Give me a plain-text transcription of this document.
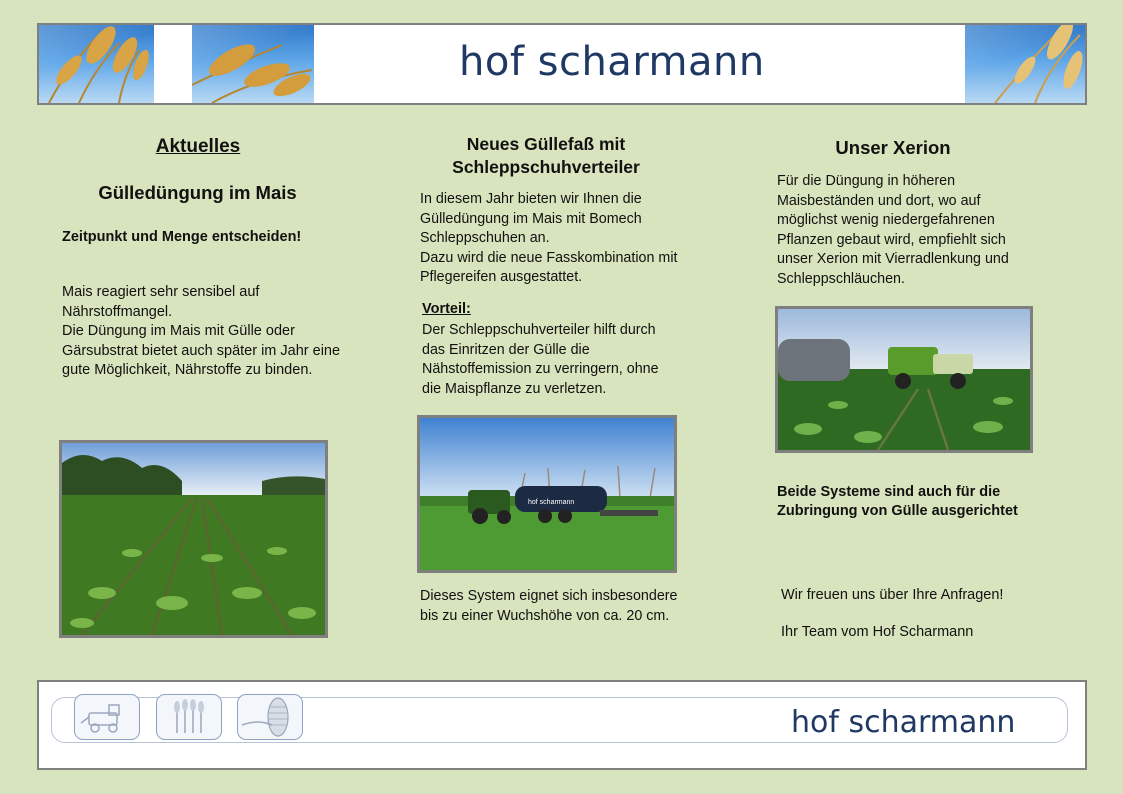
hof scharmann
Aktuelles
Gülledüngung im Mais
Zeitpunkt und Menge entscheiden!
Mais reagiert sehr sensibel auf Nährstoffmangel.
Die Düngung im Mais mit Gülle oder Gärsubstrat bietet auch später im Jahr eine gute Möglichkeit, Nährstoffe zu binden.
Neues Güllefaß mit Schleppschuhverteiler
In diesem Jahr bieten wir Ihnen die Gülledüngung im Mais mit Bomech Schleppschuhen an.
Dazu wird die neue Fasskombination mit Pflegereifen ausgestattet.
Vorteil:
Der Schleppschuhverteiler hilft durch das Einritzen der Gülle die Nähstoffemission zu verringern, ohne die Maispflanze zu verletzen.
hof scharmann
Dieses System eignet sich insbesondere bis zu einer Wuchshöhe von ca. 20 cm.
Unser Xerion
Für die Düngung in höheren Maisbeständen und dort, wo auf möglichst wenig niedergefahrenen Pflanzen gebaut wird, empfiehlt sich unser Xerion mit Vierradlenkung und Schleppschläuchen.
Beide Systeme sind auch für die Zubringung von Gülle ausgerichtet
Wir freuen uns über Ihre Anfragen!
Ihr Team vom Hof Scharmann
hof scharmann
